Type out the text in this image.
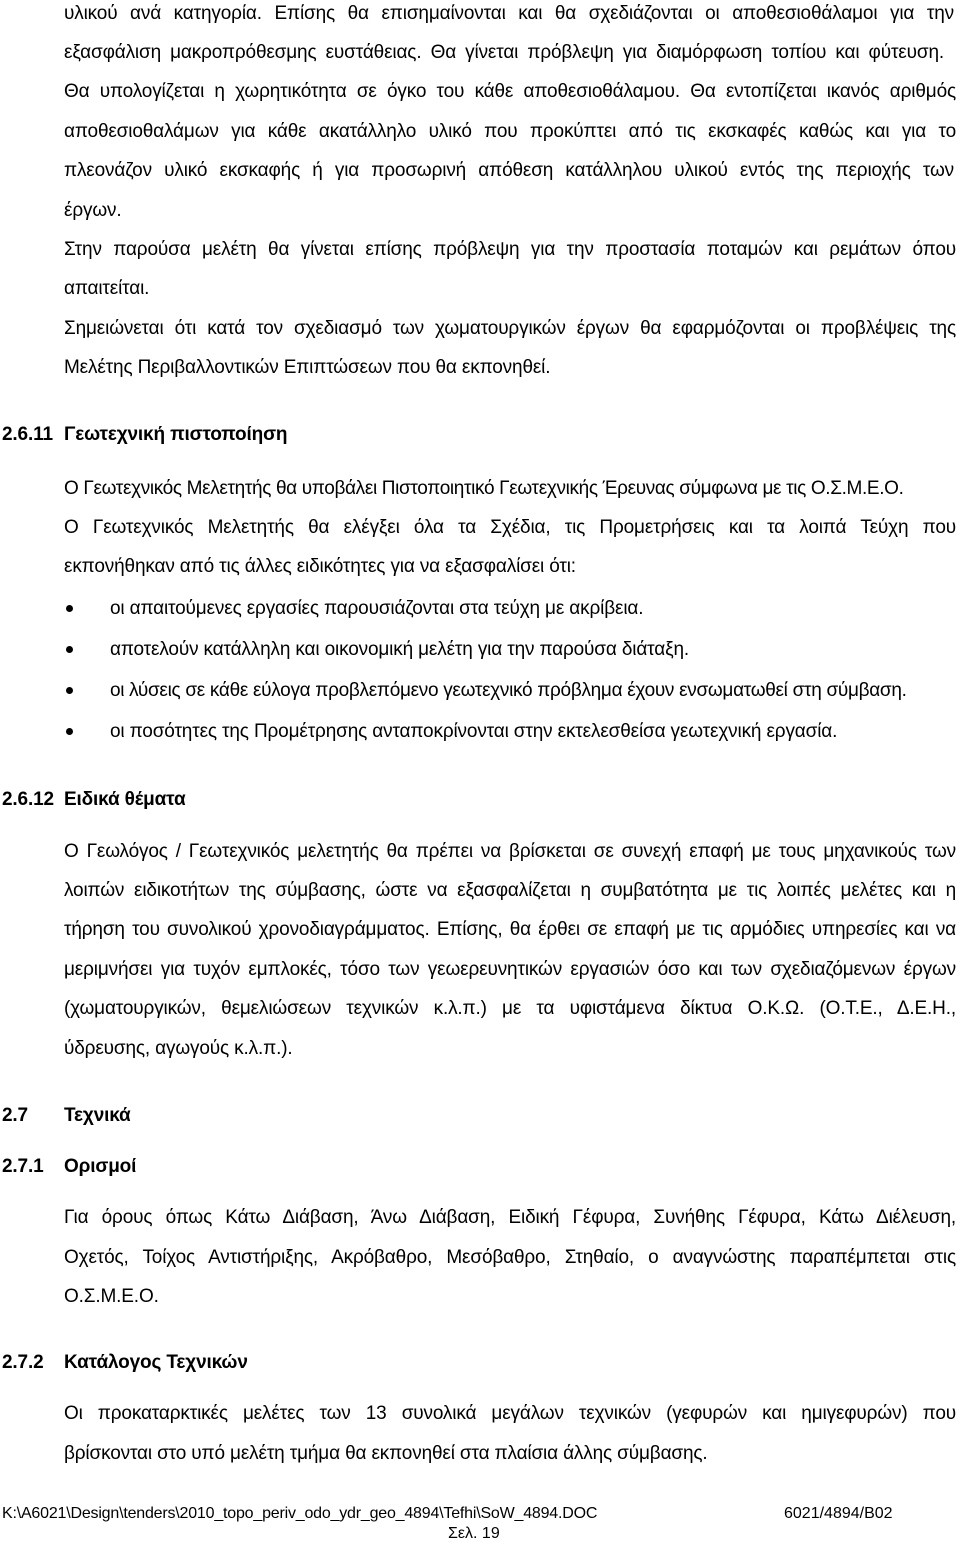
υλικού ανά κατηγορία. Επίσης θα επισημαίνονται και θα σχεδιάζονται οι αποθεσιοθάλαμοι για την
εξασφάλιση μακροπρόθεσμης ευστάθειας. Θα γίνεται πρόβλεψη για διαμόρφωση τοπίου και φύτευση.
Θα υπολογίζεται η χωρητικότητα σε όγκο του κάθε αποθεσιοθάλαμου. Θα εντοπίζεται ικανός αριθμός
αποθεσιοθαλάμων για κάθε ακατάλληλο υλικό που προκύπτει από τις εκσκαφές καθώς και για το
πλεονάζον υλικό εκσκαφής ή για προσωρινή απόθεση κατάλληλου υλικού εντός της περιοχής των
έργων.
Στην παρούσα μελέτη θα γίνεται επίσης πρόβλεψη για την προστασία ποταμών και ρεμάτων όπου
απαιτείται.
Σημειώνεται ότι κατά τον σχεδιασμό των χωματουργικών έργων θα εφαρμόζονται οι προβλέψεις της
Μελέτης Περιβαλλοντικών Επιπτώσεων που θα εκπονηθεί.
2.6.11 Γεωτεχνική πιστοποίηση
Ο Γεωτεχνικός Μελετητής θα υποβάλει Πιστοποιητικό Γεωτεχνικής Έρευνας σύμφωνα με τις Ο.Σ.Μ.Ε.Ο.
Ο Γεωτεχνικός Μελετητής θα ελέγξει όλα τα Σχέδια, τις Προμετρήσεις και τα λοιπά Τεύχη που
εκπονήθηκαν από τις άλλες ειδικότητες για να εξασφαλίσει ότι:
οι απαιτούμενες εργασίες παρουσιάζονται στα τεύχη με ακρίβεια.
αποτελούν κατάλληλη και οικονομική μελέτη για την παρούσα διάταξη.
οι λύσεις σε κάθε εύλογα προβλεπόμενο γεωτεχνικό πρόβλημα έχουν ενσωματωθεί στη σύμβαση.
οι ποσότητες της Προμέτρησης ανταποκρίνονται στην εκτελεσθείσα γεωτεχνική εργασία.
2.6.12 Ειδικά θέματα
Ο Γεωλόγος / Γεωτεχνικός μελετητής θα πρέπει να βρίσκεται σε συνεχή επαφή με τους μηχανικούς των
λοιπών ειδικοτήτων της σύμβασης, ώστε να εξασφαλίζεται η συμβατότητα με τις λοιπές μελέτες και η
τήρηση του συνολικού χρονοδιαγράμματος. Επίσης, θα έρθει σε επαφή με τις αρμόδιες υπηρεσίες και να
μεριμνήσει για τυχόν εμπλοκές, τόσο των γεωερευνητικών εργασιών όσο και των σχεδιαζόμενων έργων
(χωματουργικών, θεμελιώσεων τεχνικών κ.λ.π.) με τα υφιστάμενα δίκτυα Ο.Κ.Ω. (Ο.Τ.Ε., Δ.Ε.Η.,
ύδρευσης, αγωγούς κ.λ.π.).
2.7 Τεχνικά
2.7.1 Ορισμοί
Για όρους όπως Κάτω Διάβαση, Άνω Διάβαση, Ειδική Γέφυρα, Συνήθης Γέφυρα, Κάτω Διέλευση,
Οχετός, Τοίχος Αντιστήριξης, Ακρόβαθρο, Μεσόβαθρο, Στηθαίο, ο αναγνώστης παραπέμπεται στις
Ο.Σ.Μ.Ε.Ο.
2.7.2 Κατάλογος Τεχνικών
Οι προκαταρκτικές μελέτες των 13 συνολικά μεγάλων τεχνικών (γεφυρών και ημιγεφυρών) που
βρίσκονται στο υπό μελέτη τμήμα θα εκπονηθεί στα πλαίσια άλλης σύμβασης.
K:\A6021\Design\tenders\2010_topo_periv_odo_ydr_geo_4894\Tefhi\SoW_4894.DOC	6021/4894/B02
Σελ. 19
